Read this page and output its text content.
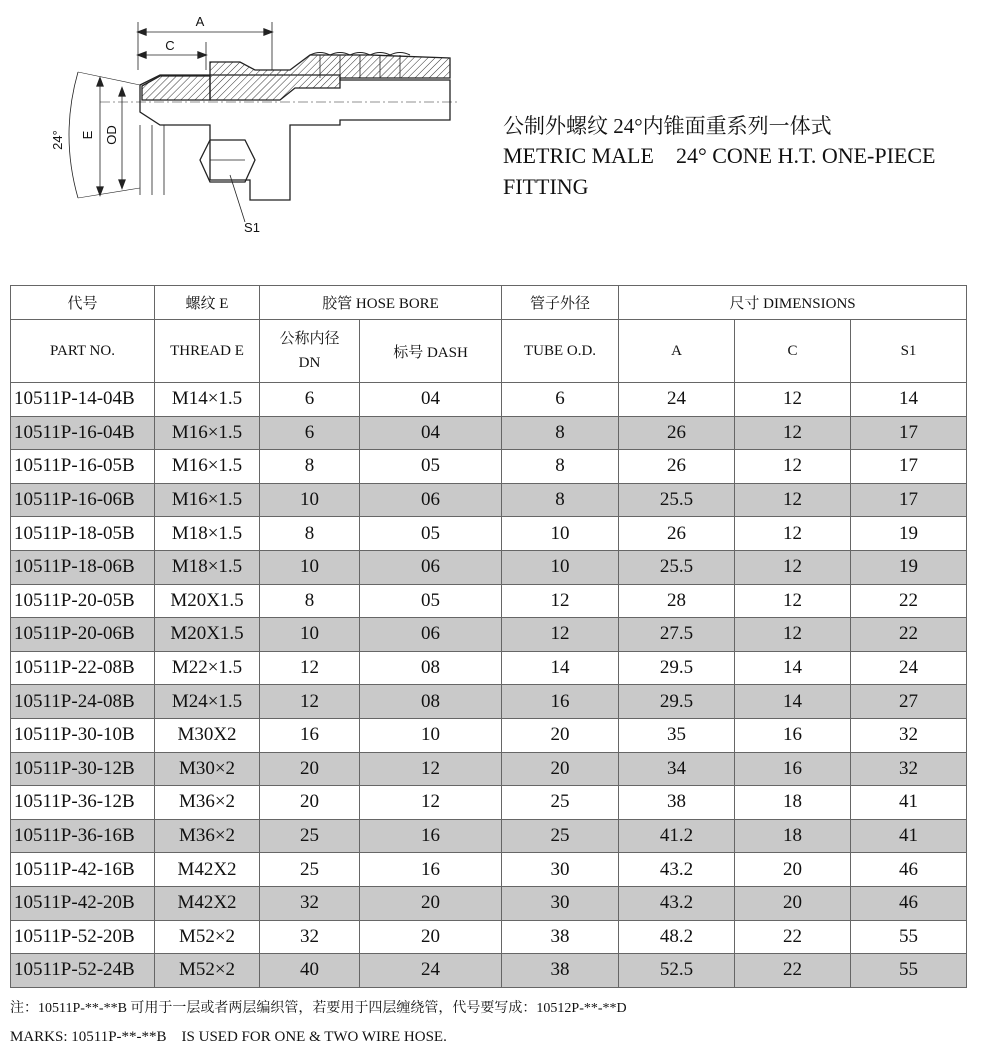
A
C
24° E OD
S1
公制外螺纹 24°内锥面重系列一体式
METRIC MALE    24° CONE H.T. ONE-PIECE
FITTING
代号	螺纹 E	胶管 HOSE BORE		管子外径	尺寸 DIMENSIONS		
PART NO.	THREAD E	公称内径
DN	标号 DASH	TUBE O.D.	A	C	S1
10511P-14-04B	M14×1.5	6	04	6	24	12	14
10511P-16-04B	M16×1.5	6	04	8	26	12	17
10511P-16-05B	M16×1.5	8	05	8	26	12	17
10511P-16-06B	M16×1.5	10	06	8	25.5	12	17
10511P-18-05B	M18×1.5	8	05	10	26	12	19
10511P-18-06B	M18×1.5	10	06	10	25.5	12	19
10511P-20-05B	M20X1.5	8	05	12	28	12	22
10511P-20-06B	M20X1.5	10	06	12	27.5	12	22
10511P-22-08B	M22×1.5	12	08	14	29.5	14	24
10511P-24-08B	M24×1.5	12	08	16	29.5	14	27
10511P-30-10B	M30X2	16	10	20	35	16	32
10511P-30-12B	M30×2	20	12	20	34	16	32
10511P-36-12B	M36×2	20	12	25	38	18	41
10511P-36-16B	M36×2	25	16	25	41.2	18	41
10511P-42-16B	M42X2	25	16	30	43.2	20	46
10511P-42-20B	M42X2	32	20	30	43.2	20	46
10511P-52-20B	M52×2	32	20	38	48.2	22	55
10511P-52-24B	M52×2	40	24	38	52.5	22	55
注：10511P-**-**B 可用于一层或者两层编织管，若要用于四层缠绕管，代号要写成：10512P-**-**D
MARKS: 10511P-**-**B    IS USED FOR ONE & TWO WIRE HOSE.
